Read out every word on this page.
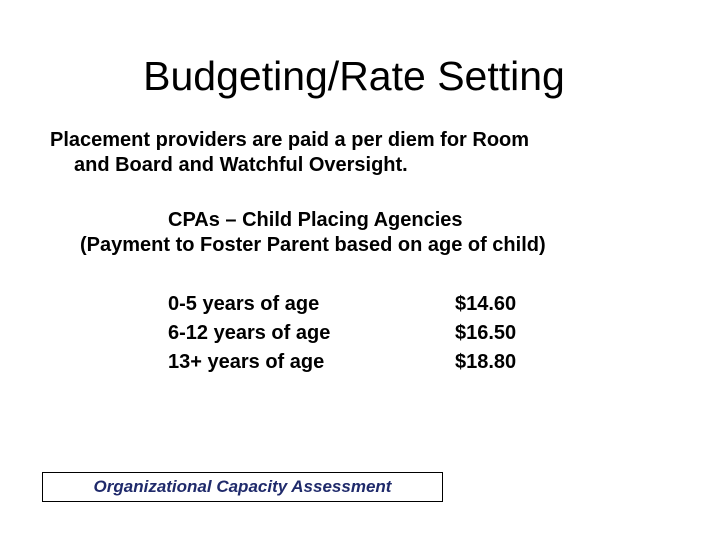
Budgeting/Rate Setting
Placement providers are paid a per diem for Room
and Board and Watchful Oversight.
CPAs – Child Placing Agencies
(Payment to Foster Parent based on age of child)
0-5 years of age	$14.60
6-12 years of age	$16.50
13+ years of age	$18.80
Organizational Capacity Assessment
